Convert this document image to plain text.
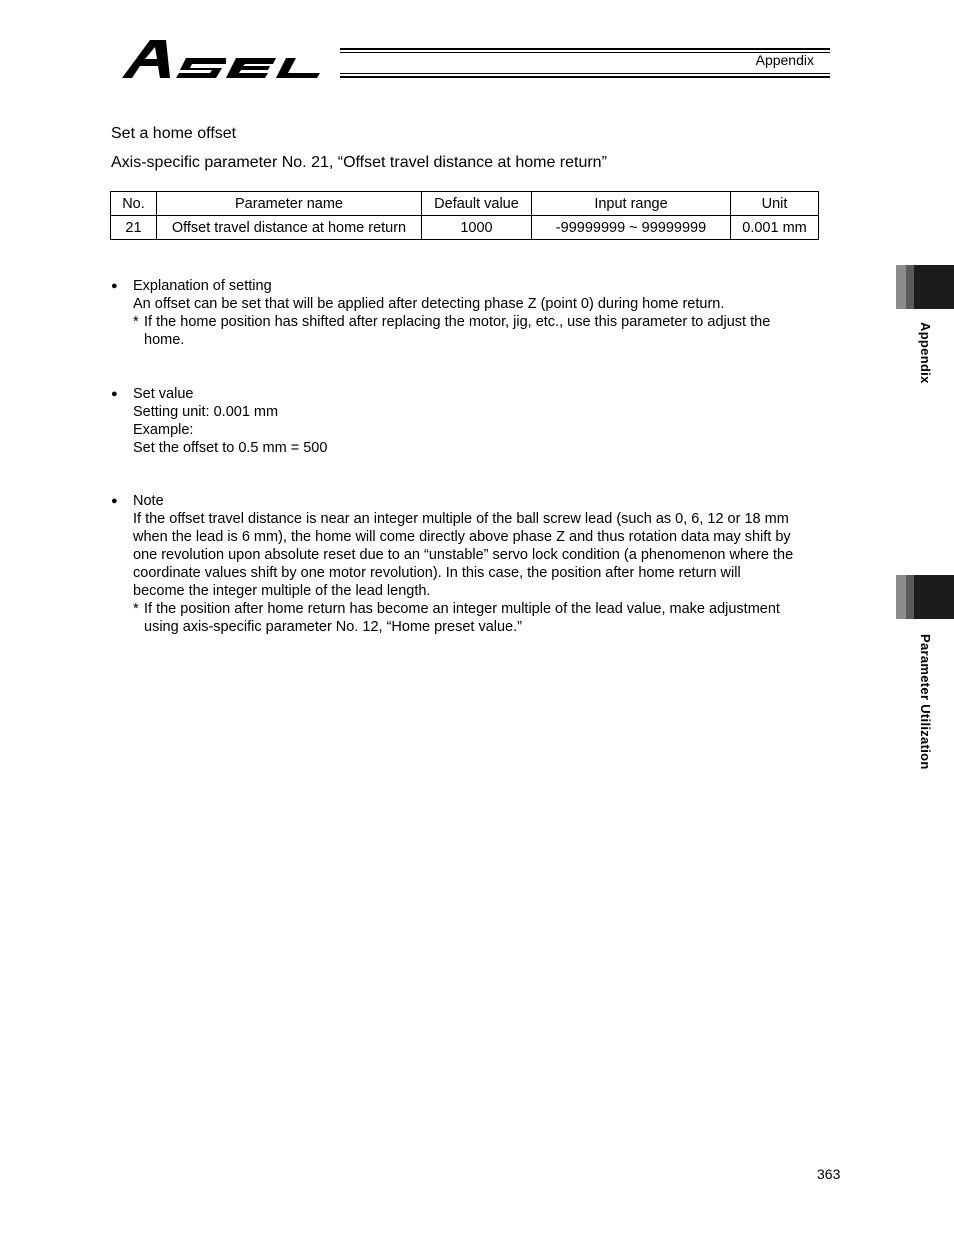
Appendix
Set a home offset
Axis-specific parameter No. 21, “Offset travel distance at home return”
No.	Parameter name	Default value	Input range	Unit
21	Offset travel distance at home return	1000	-99999999 ~ 99999999	0.001 mm
●	Explanation of setting
An offset can be set that will be applied after detecting phase Z (point 0) during home return.
* If the home position has shifted after replacing the motor, jig, etc., use this parameter to adjust the
home.
●	Set value
Setting unit: 0.001 mm
Example:
Set the offset to 0.5 mm = 500
●	Note
If the offset travel distance is near an integer multiple of the ball screw lead (such as 0, 6, 12 or 18 mm
when the lead is 6 mm), the home will come directly above phase Z and thus rotation data may shift by
one revolution upon absolute reset due to an “unstable” servo lock condition (a phenomenon where the
coordinate values shift by one motor revolution). In this case, the position after home return will
become the integer multiple of the lead length.
* If the position after home return has become an integer multiple of the lead value, make adjustment
using axis-specific parameter No. 12, “Home preset value.”
Appendix
Parameter Utilization
363
